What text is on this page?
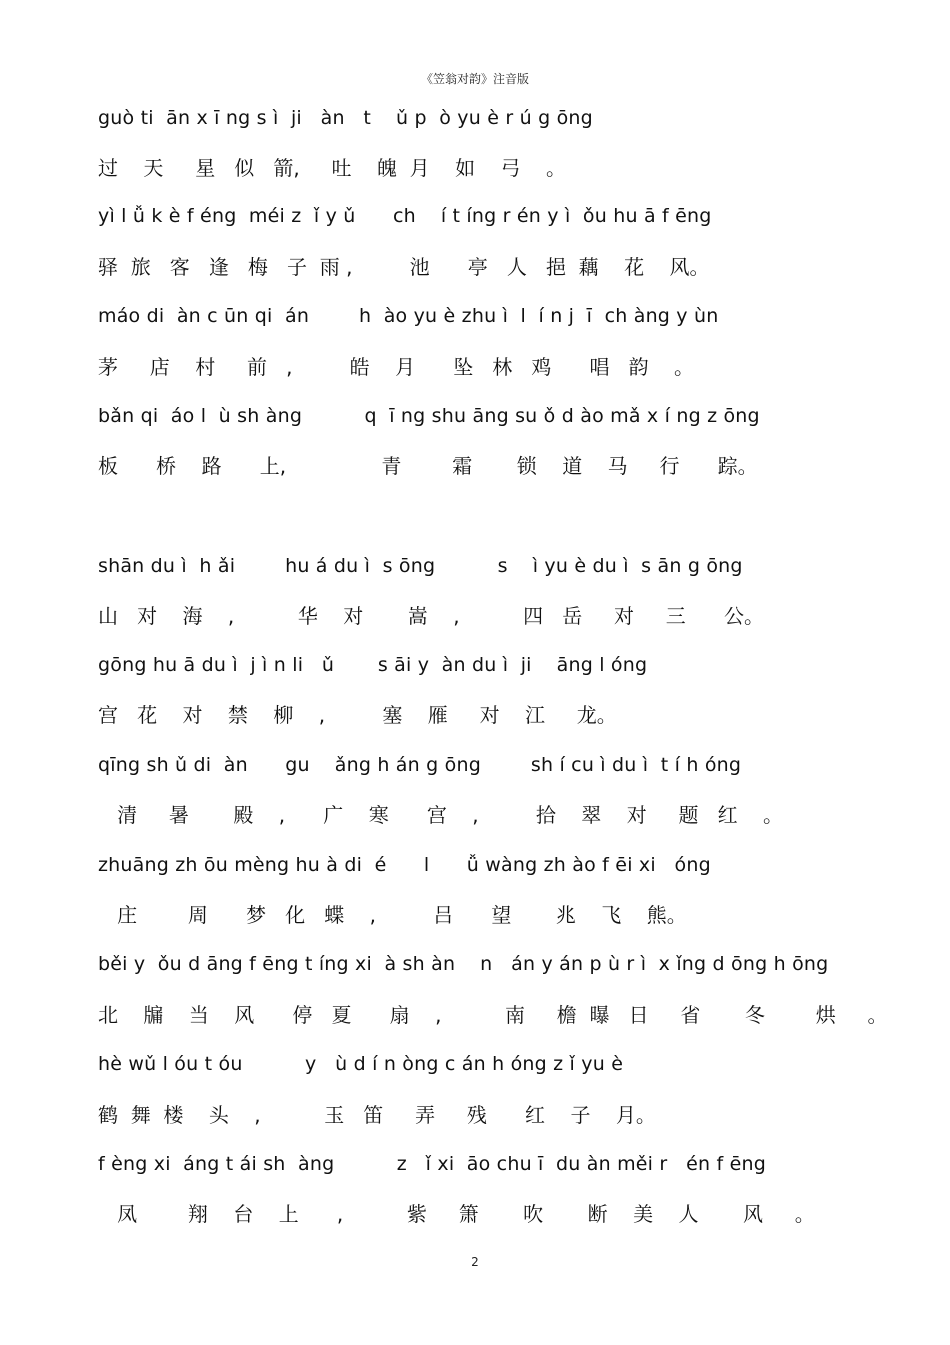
《笠翁对韵》注音版
guò ti  ān x ī ng s ì  ji   àn   t    ǔ p  ò yu è r ú g ōng
过    天     星   似   箭,     吐    魄  月    如    弓    。
yì l ǚ k è f éng  méi z  ǐ y ǔ      ch    í t íng r én y ì  ǒu hu ā f ēng
驿  旅   客   逢   梅   子  雨 ,         池      亭   人   挹  藕    花    风。
máo di  àn c ūn qi  án        h  ào yu è zhu ì  l  í n j  ī  ch àng y ùn
茅     店    村     前   ,         皓    月      坠   林   鸡      唱   韵    。
bǎn qi  áo l  ù sh àng          q  ī ng shu āng su ǒ d ào mǎ x í ng z ōng
板      桥    路      上,               青        霜       锁    道    马     行      踪。
shān du ì  h ǎi        hu á du ì  s ōng          s    ì yu è du ì  s ān g ōng
山   对    海    ,          华    对       嵩    ,          四   岳     对     三      公。
gōng hu ā du ì  j ì n li   ǔ       s āi y  àn du ì  ji    āng l óng
宫   花    对    禁    柳    ,         塞    雁     对    江     龙。
qīng sh ǔ di  àn      gu    ǎng h án g ōng        sh í cu ì du ì  t í h óng
清     暑       殿    ,      广    寒      宫    ,         拾    翠    对     题   红    。
zhuāng zh ōu mèng hu à di  é      l      ǚ wàng zh ào f ēi xi   óng
庄        周      梦   化   蝶    ,         吕      望       兆    飞    熊。
běi y  ǒu d āng f ēng t íng xi  à sh àn    n   án y án p ù r ì  x ǐng d ōng h ōng
北    牖    当    风      停   夏      扇    ,          南     檐  曝   日     省       冬        烘     。
hè wǔ l óu t óu          y   ù d í n òng c án h óng z ǐ yu è
鹤  舞  楼    头    ,          玉   笛     弄     残      红    子    月。
f èng xi  áng t ái sh  àng          z   ǐ xi  āo chu ī  du àn měi r   én f ēng
凤        翔    台    上      ,          紫     箫       吹       断    美    人       风     。
2
